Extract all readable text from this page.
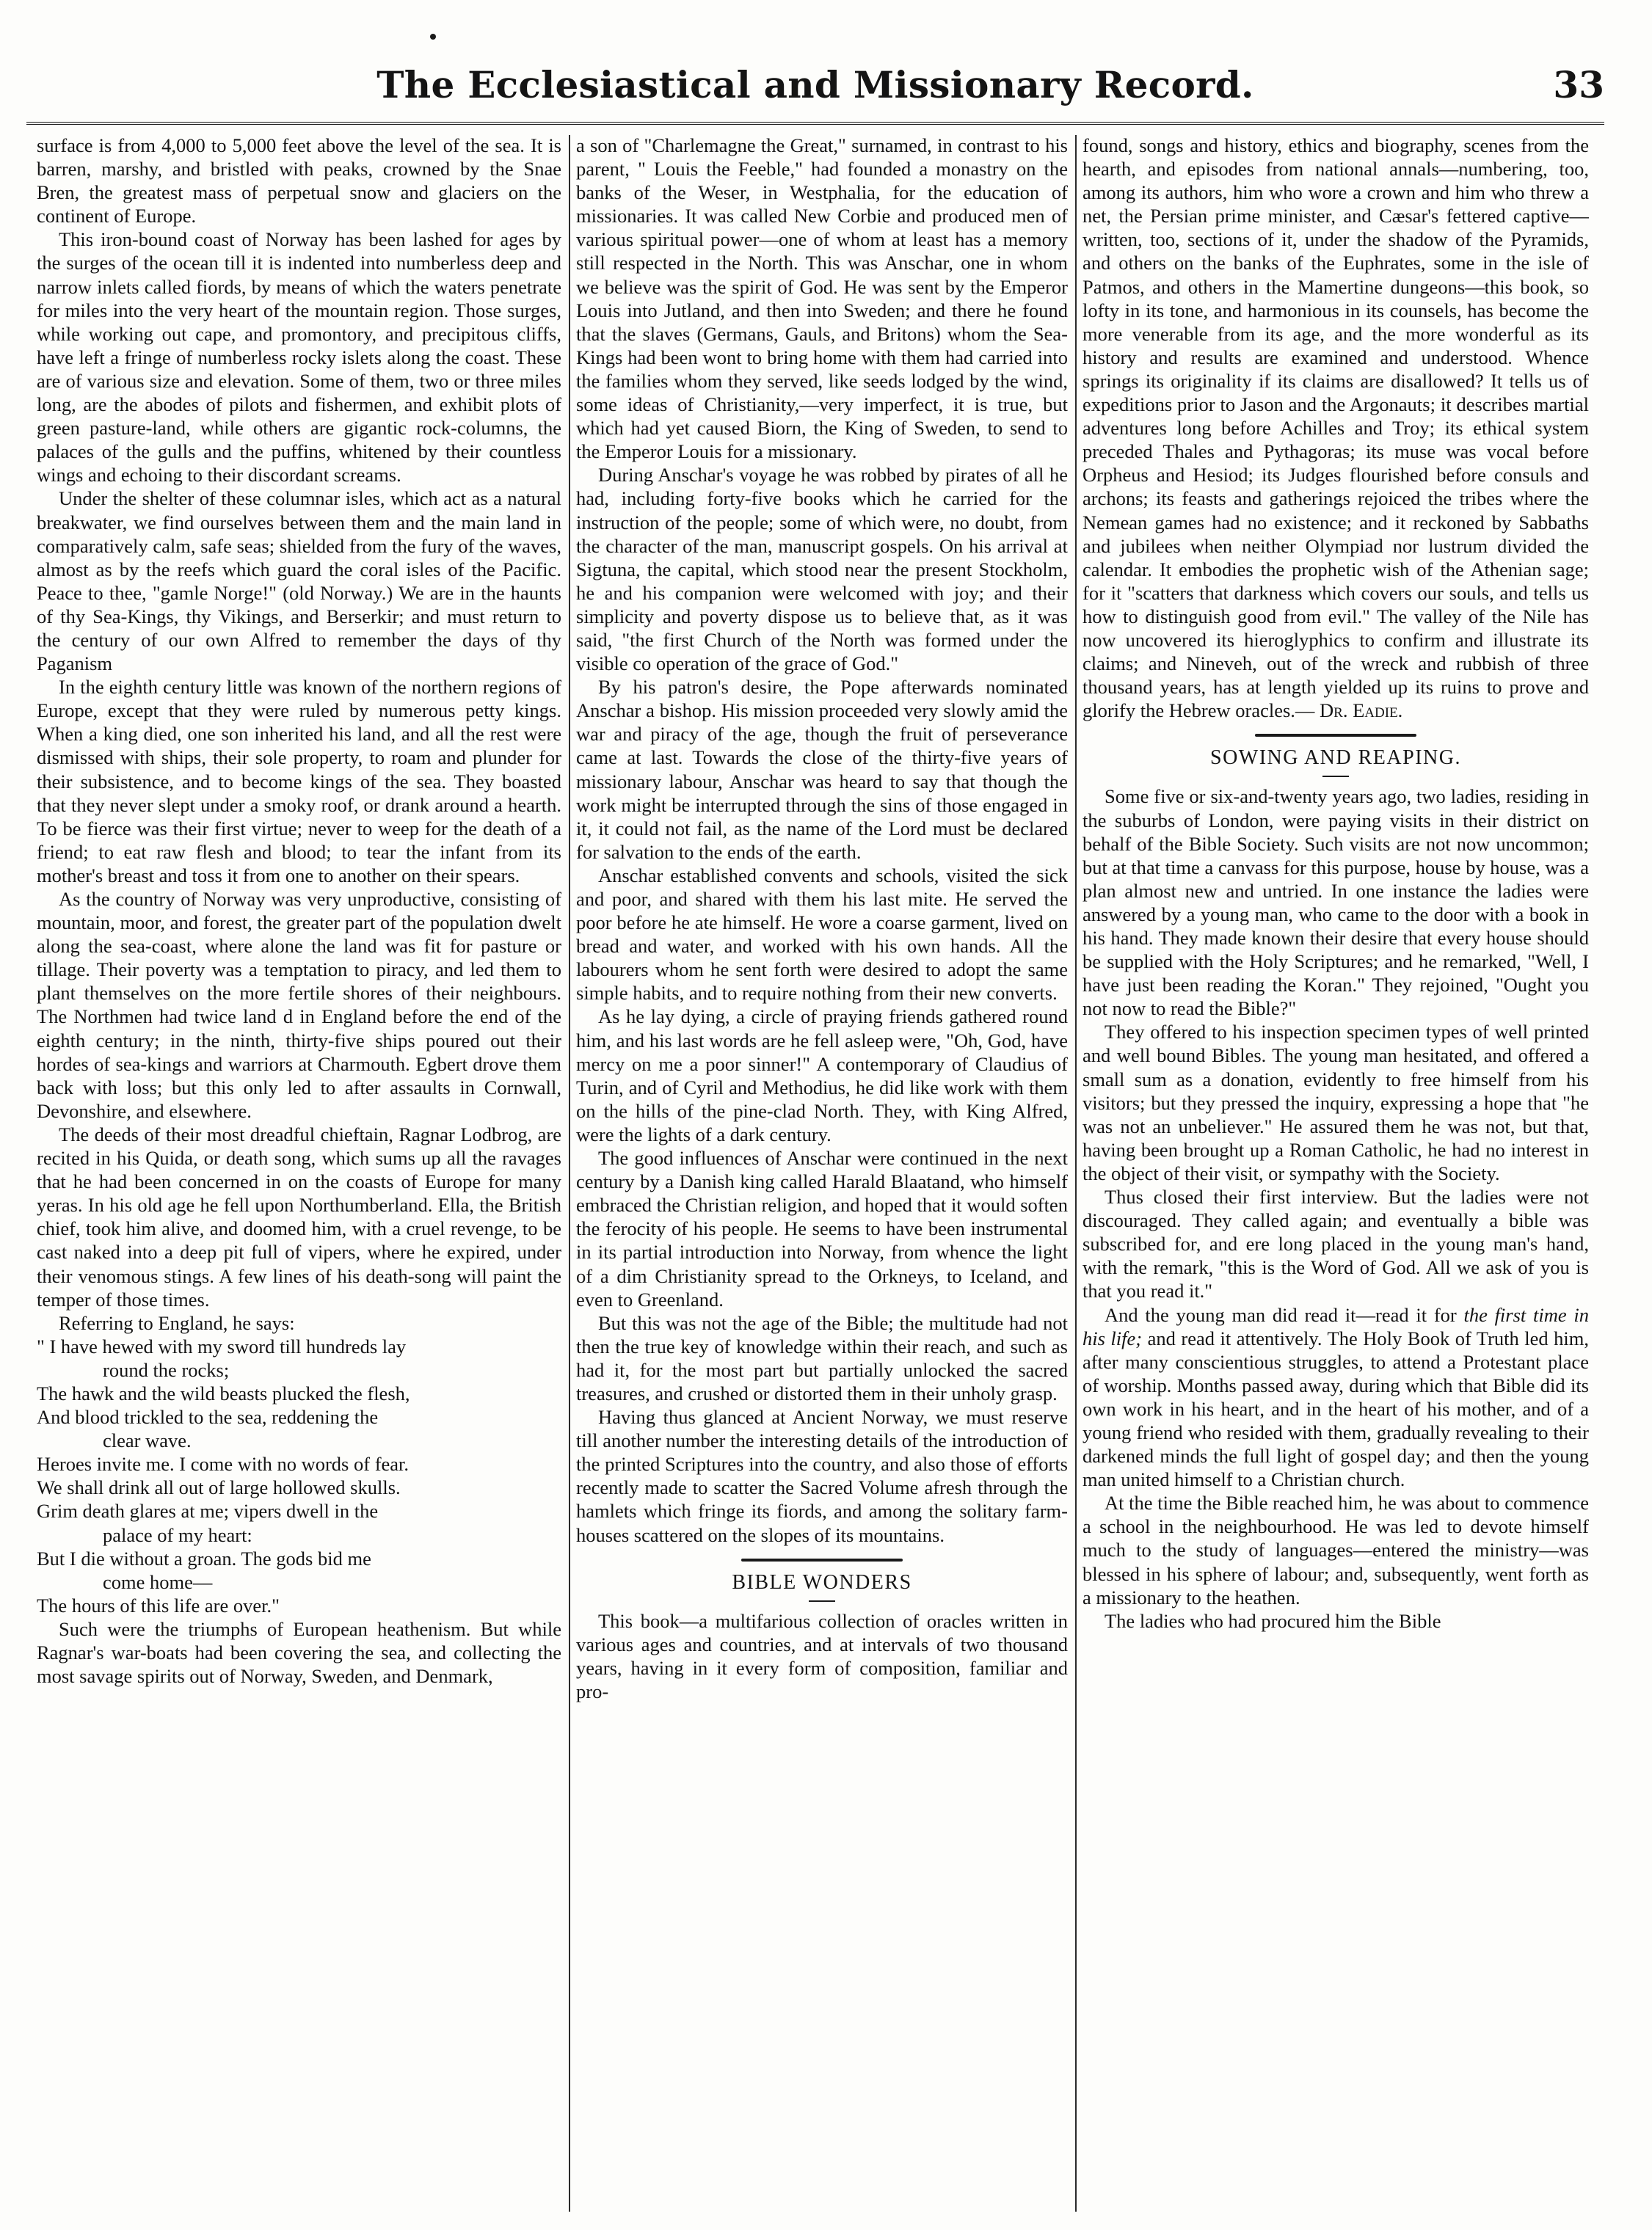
The Ecclesiastical and Missionary Record.	33

surface is from 4,000 to 5,000 feet above the level of the sea. It is barren, marshy, and bristled with peaks, crowned by the Snae Bren, the greatest mass of perpetual snow and glaciers on the continent of Europe.

This iron-bound coast of Norway has been lashed for ages by the surges of the ocean till it is indented into numberless deep and narrow inlets called fiords, by means of which the waters penetrate for miles into the very heart of the mountain region. Those surges, while working out cape, and promontory, and precipitous cliffs, have left a fringe of numberless rocky islets along the coast. These are of various size and elevation. Some of them, two or three miles long, are the abodes of pilots and fishermen, and exhibit plots of green pasture-land, while others are gigantic rock-columns, the palaces of the gulls and the puffins, whitened by their countless wings and echoing to their discordant screams.

Under the shelter of these columnar isles, which act as a natural breakwater, we find ourselves between them and the main land in comparatively calm, safe seas; shielded from the fury of the waves, almost as by the reefs which guard the coral isles of the Pacific. Peace to thee, "gamle Norge!" (old Norway.) We are in the haunts of thy Sea-Kings, thy Vikings, and Berserkir; and must return to the century of our own Alfred to remember the days of thy Paganism

In the eighth century little was known of the northern regions of Europe, except that they were ruled by numerous petty kings. When a king died, one son inherited his land, and all the rest were dismissed with ships, their sole property, to roam and plunder for their subsistence, and to become kings of the sea. They boasted that they never slept under a smoky roof, or drank around a hearth. To be fierce was their first virtue; never to weep for the death of a friend; to eat raw flesh and blood; to tear the infant from its mother's breast and toss it from one to another on their spears.

As the country of Norway was very unproductive, consisting of mountain, moor, and forest, the greater part of the population dwelt along the sea-coast, where alone the land was fit for pasture or tillage. Their poverty was a temptation to piracy, and led them to plant themselves on the more fertile shores of their neighbours. The Northmen had twice land d in England before the end of the eighth century; in the ninth, thirty-five ships poured out their hordes of sea-kings and warriors at Charmouth. Egbert drove them back with loss; but this only led to after assaults in Cornwall, Devonshire, and elsewhere.

The deeds of their most dreadful chieftain, Ragnar Lodbrog, are recited in his Quida, or death song, which sums up all the ravages that he had been concerned in on the coasts of Europe for many yeras. In his old age he fell upon Northumberland. Ella, the British chief, took him alive, and doomed him, with a cruel revenge, to be cast naked into a deep pit full of vipers, where he expired, under their venomous stings. A few lines of his death-song will paint the temper of those times.

Referring to England, he says:

" I have hewed with my sword till hundreds lay
round the rocks;
The hawk and the wild beasts plucked the flesh,
And blood trickled to the sea, reddening the
clear wave.
Heroes invite me. I come with no words of fear.
We shall drink all out of large hollowed skulls.
Grim death glares at me; vipers dwell in the
palace of my heart:
But I die without a groan. The gods bid me
come home—
The hours of this life are over."

Such were the triumphs of European heathenism. But while Ragnar's war-boats had been covering the sea, and collecting the most savage spirits out of Norway, Sweden, and Denmark,

a son of "Charlemagne the Great," surnamed, in contrast to his parent, " Louis the Feeble," had founded a monastry on the banks of the Weser, in Westphalia, for the education of missionaries. It was called New Corbie and produced men of various spiritual power—one of whom at least has a memory still respected in the North. This was Anschar, one in whom we believe was the spirit of God. He was sent by the Emperor Louis into Jutland, and then into Sweden; and there he found that the slaves (Germans, Gauls, and Britons) whom the Sea-Kings had been wont to bring home with them had carried into the families whom they served, like seeds lodged by the wind, some ideas of Christianity,—very imperfect, it is true, but which had yet caused Biorn, the King of Sweden, to send to the Emperor Louis for a missionary.

During Anschar's voyage he was robbed by pirates of all he had, including forty-five books which he carried for the instruction of the people; some of which were, no doubt, from the character of the man, manuscript gospels. On his arrival at Sigtuna, the capital, which stood near the present Stockholm, he and his companion were welcomed with joy; and their simplicity and poverty dispose us to believe that, as it was said, "the first Church of the North was formed under the visible co operation of the grace of God."

By his patron's desire, the Pope afterwards nominated Anschar a bishop. His mission proceeded very slowly amid the war and piracy of the age, though the fruit of perseverance came at last. Towards the close of the thirty-five years of missionary labour, Anschar was heard to say that though the work might be interrupted through the sins of those engaged in it, it could not fail, as the name of the Lord must be declared for salvation to the ends of the earth.

Anschar established convents and schools, visited the sick and poor, and shared with them his last mite. He served the poor before he ate himself. He wore a coarse garment, lived on bread and water, and worked with his own hands. All the labourers whom he sent forth were desired to adopt the same simple habits, and to require nothing from their new converts.

As he lay dying, a circle of praying friends gathered round him, and his last words are he fell asleep were, "Oh, God, have mercy on me a poor sinner!" A contemporary of Claudius of Turin, and of Cyril and Methodius, he did like work with them on the hills of the pine-clad North. They, with King Alfred, were the lights of a dark century.

The good influences of Anschar were continued in the next century by a Danish king called Harald Blaatand, who himself embraced the Christian religion, and hoped that it would soften the ferocity of his people. He seems to have been instrumental in its partial introduction into Norway, from whence the light of a dim Christianity spread to the Orkneys, to Iceland, and even to Greenland.

But this was not the age of the Bible; the multitude had not then the true key of knowledge within their reach, and such as had it, for the most part but partially unlocked the sacred treasures, and crushed or distorted them in their unholy grasp.

Having thus glanced at Ancient Norway, we must reserve till another number the interesting details of the introduction of the printed Scriptures into the country, and also those of efforts recently made to scatter the Sacred Volume afresh through the hamlets which fringe its fiords, and among the solitary farm-houses scattered on the slopes of its mountains.

BIBLE WONDERS

This book—a multifarious collection of oracles written in various ages and countries, and at intervals of two thousand years, having in it every form of composition, familiar and pro-

found, songs and history, ethics and biography, scenes from the hearth, and episodes from national annals—numbering, too, among its authors, him who wore a crown and him who threw a net, the Persian prime minister, and Cæsar's fettered captive—written, too, sections of it, under the shadow of the Pyramids, and others on the banks of the Euphrates, some in the isle of Patmos, and others in the Mamertine dungeons—this book, so lofty in its tone, and harmonious in its counsels, has become the more venerable from its age, and the more wonderful as its history and results are examined and understood. Whence springs its originality if its claims are disallowed? It tells us of expeditions prior to Jason and the Argonauts; it describes martial adventures long before Achilles and Troy; its ethical system preceded Thales and Pythagoras; its muse was vocal before Orpheus and Hesiod; its Judges flourished before consuls and archons; its feasts and gatherings rejoiced the tribes where the Nemean games had no existence; and it reckoned by Sabbaths and jubilees when neither Olympiad nor lustrum divided the calendar. It embodies the prophetic wish of the Athenian sage; for it "scatters that darkness which covers our souls, and tells us how to distinguish good from evil." The valley of the Nile has now uncovered its hieroglyphics to confirm and illustrate its claims; and Nineveh, out of the wreck and rubbish of three thousand years, has at length yielded up its ruins to prove and glorify the Hebrew oracles.— Dr. Eadie.

SOWING AND REAPING.

Some five or six-and-twenty years ago, two ladies, residing in the suburbs of London, were paying visits in their district on behalf of the Bible Society. Such visits are not now uncommon; but at that time a canvass for this purpose, house by house, was a plan almost new and untried. In one instance the ladies were answered by a young man, who came to the door with a book in his hand. They made known their desire that every house should be supplied with the Holy Scriptures; and he remarked, "Well, I have just been reading the Koran." They rejoined, "Ought you not now to read the Bible?"

They offered to his inspection specimen types of well printed and well bound Bibles. The young man hesitated, and offered a small sum as a donation, evidently to free himself from his visitors; but they pressed the inquiry, expressing a hope that "he was not an unbeliever." He assured them he was not, but that, having been brought up a Roman Catholic, he had no interest in the object of their visit, or sympathy with the Society.

Thus closed their first interview. But the ladies were not discouraged. They called again; and eventually a bible was subscribed for, and ere long placed in the young man's hand, with the remark, "this is the Word of God. All we ask of you is that you read it."

And the young man did read it—read it for the first time in his life; and read it attentively. The Holy Book of Truth led him, after many conscientious struggles, to attend a Protestant place of worship. Months passed away, during which that Bible did its own work in his heart, and in the heart of his mother, and of a young friend who resided with them, gradually revealing to their darkened minds the full light of gospel day; and then the young man united himself to a Christian church.

At the time the Bible reached him, he was about to commence a school in the neighbourhood. He was led to devote himself much to the study of languages—entered the ministry—was blessed in his sphere of labour; and, subsequently, went forth as a missionary to the heathen.

The ladies who had procured him the Bible
